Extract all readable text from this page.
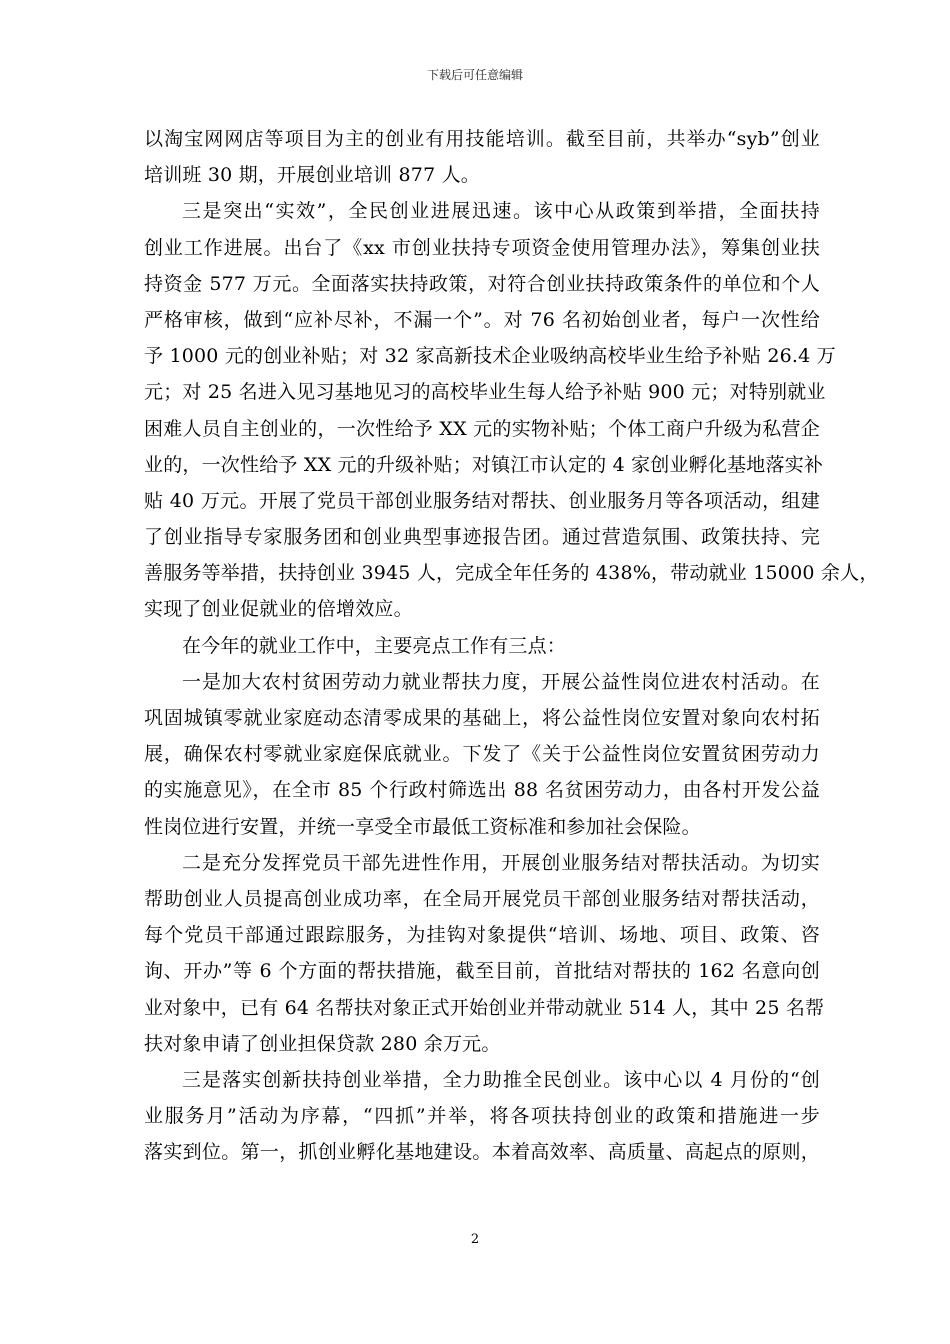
下载后可任意编辑
以淘宝网网店等项目为主的创业有用技能培训。截至目前，共举办“syb”创业
培训班 30 期，开展创业培训 877 人。
三是突出“实效”，全民创业进展迅速。该中心从政策到举措，全面扶持
创业工作进展。出台了《xx 市创业扶持专项资金使用管理办法》，筹集创业扶
持资金 577 万元。全面落实扶持政策，对符合创业扶持政策条件的单位和个人
严格审核，做到“应补尽补，不漏一个”。对 76 名初始创业者，每户一次性给
予 1000 元的创业补贴；对 32 家高新技术企业吸纳高校毕业生给予补贴 26.4 万
元；对 25 名进入见习基地见习的高校毕业生每人给予补贴 900 元；对特别就业
困难人员自主创业的，一次性给予 XX 元的实物补贴；个体工商户升级为私营企
业的，一次性给予 XX 元的升级补贴；对镇江市认定的 4 家创业孵化基地落实补
贴 40 万元。开展了党员干部创业服务结对帮扶、创业服务月等各项活动，组建
了创业指导专家服务团和创业典型事迹报告团。通过营造氛围、政策扶持、完
善服务等举措，扶持创业 3945 人，完成全年任务的 438%，带动就业 15000 余人，
实现了创业促就业的倍增效应。
在今年的就业工作中，主要亮点工作有三点：
一是加大农村贫困劳动力就业帮扶力度，开展公益性岗位进农村活动。在
巩固城镇零就业家庭动态清零成果的基础上，将公益性岗位安置对象向农村拓
展，确保农村零就业家庭保底就业。下发了《关于公益性岗位安置贫困劳动力
的实施意见》，在全市 85 个行政村筛选出 88 名贫困劳动力，由各村开发公益
性岗位进行安置，并统一享受全市最低工资标准和参加社会保险。
二是充分发挥党员干部先进性作用，开展创业服务结对帮扶活动。为切实
帮助创业人员提高创业成功率，在全局开展党员干部创业服务结对帮扶活动，
每个党员干部通过跟踪服务，为挂钩对象提供“培训、场地、项目、政策、咨
询、开办”等 6 个方面的帮扶措施，截至目前，首批结对帮扶的 162 名意向创
业对象中，已有 64 名帮扶对象正式开始创业并带动就业 514 人，其中 25 名帮
扶对象申请了创业担保贷款 280 余万元。
三是落实创新扶持创业举措，全力助推全民创业。该中心以 4 月份的“创
业服务月”活动为序幕，“四抓”并举，将各项扶持创业的政策和措施进一步
落实到位。第一，抓创业孵化基地建设。本着高效率、高质量、高起点的原则，
2
